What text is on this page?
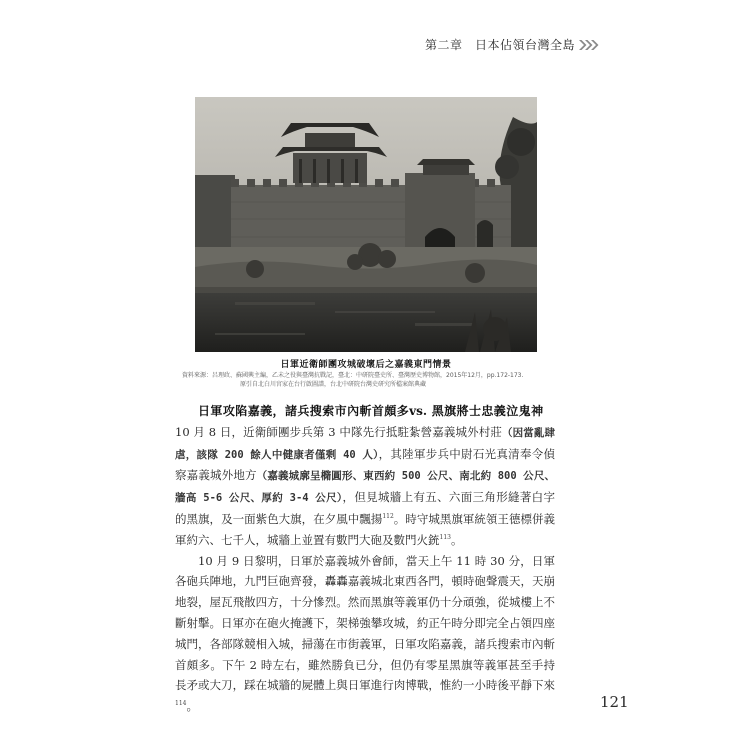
第二章　日本佔領台灣全島
日軍近衛師團攻城破壞后之嘉義東門情景
資料來源：呂理政、蘇國興主編，乙未之役與臺灣抗戰記，臺北：中研院臺史所、臺灣歷史博物館，2015年12月，pp.172-173.
原引自北白川宮家在台行啟圖譜，台北中研院台灣史研究所檔案館典藏

日軍攻陷嘉義，諸兵搜索市內斬首頗多vs. 黑旗將士忠義泣鬼神　10 月 8 日，近衛師團步兵第 3 中隊先行抵駐紮營嘉義城外村莊（因當亂肆虐，該隊 200 餘人中健康者僅剩 40 人），其陸軍步兵中尉石光真清奉令偵察嘉義城外地方（嘉義城廓呈橢圓形、東西約 500 公尺、南北約 800 公尺、牆高 5-6 公尺、厚約 3-4 公尺），但見城牆上有五、六面三角形縫著白字的黑旗，及一面紫色大旗，在夕風中飄揚$^{112}$。時守城黑旗軍統領王德標併義軍約六、七千人，城牆上並置有數門大砲及數門火銃$^{113}$。

10 月 9 日黎明，日軍於嘉義城外會師，當天上午 11 時 30 分，日軍各砲兵陣地，九門巨砲齊發，轟轟嘉義城北東西各門，頓時砲聲震天，天崩地裂，屋瓦飛散四方，十分慘烈。然而黑旗等義軍仍十分頑強，從城樓上不斷射擊。日軍亦在砲火掩護下，架梯強攀攻城，約正午時分即完全占領四座城門，各部隊競相入城，掃蕩在市街義軍，日軍攻陷嘉義，諸兵搜索市內斬首頗多。下午 2 時左右，雖然勝負已分，但仍有零星黑旗等義軍甚至手持長矛或大刀，踩在城牆的屍體上與日軍進行肉博戰，惟約一小時後平靜下來$^{114}$。	121
